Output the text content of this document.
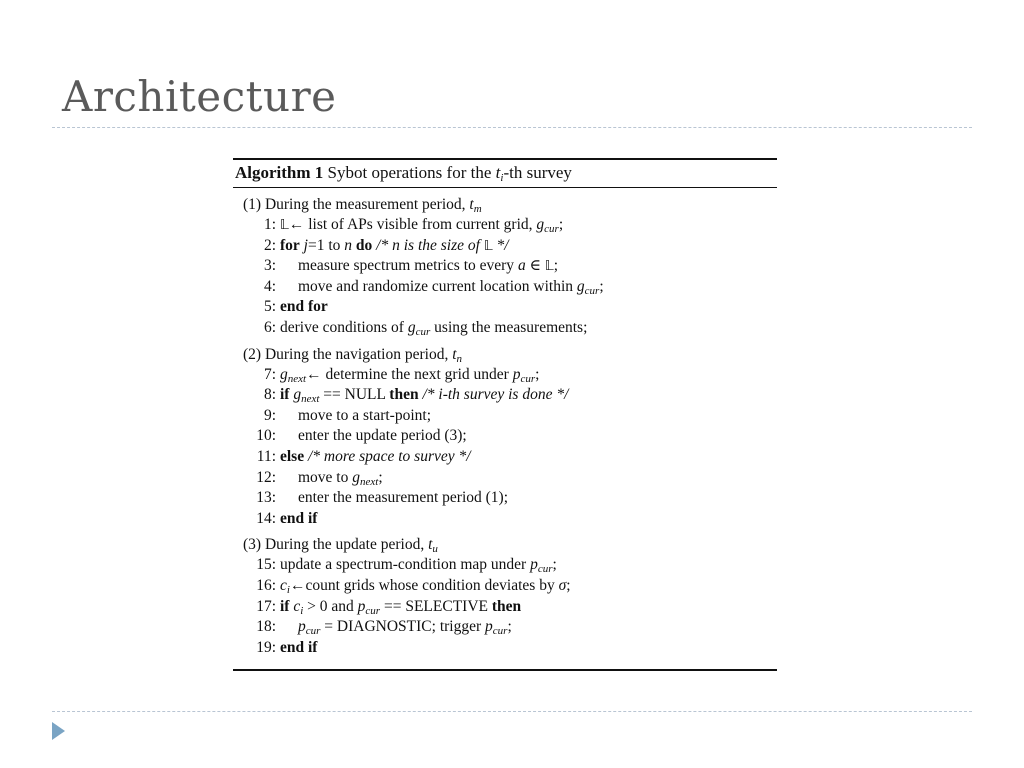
Architecture
Algorithm 1 Sybot operations for the ti-th survey
(1) During the measurement period, tm
1: 𝕃← list of APs visible from current grid, gcur;
2: for j=1 to n do /* n is the size of 𝕃 */
3: measure spectrum metrics to every a ∈ 𝕃;
4: move and randomize current location within gcur;
5: end for
6: derive conditions of gcur using the measurements;
(2) During the navigation period, tn
7: gnext← determine the next grid under pcur;
8: if gnext == NULL then /* i-th survey is done */
9: move to a start-point;
10: enter the update period (3);
11: else /* more space to survey */
12: move to gnext;
13: enter the measurement period (1);
14: end if
(3) During the update period, tu
15: update a spectrum-condition map under pcur;
16: ci←count grids whose condition deviates by σ;
17: if ci > 0 and pcur == SELECTIVE then
18: pcur = DIAGNOSTIC; trigger pcur;
19: end if
